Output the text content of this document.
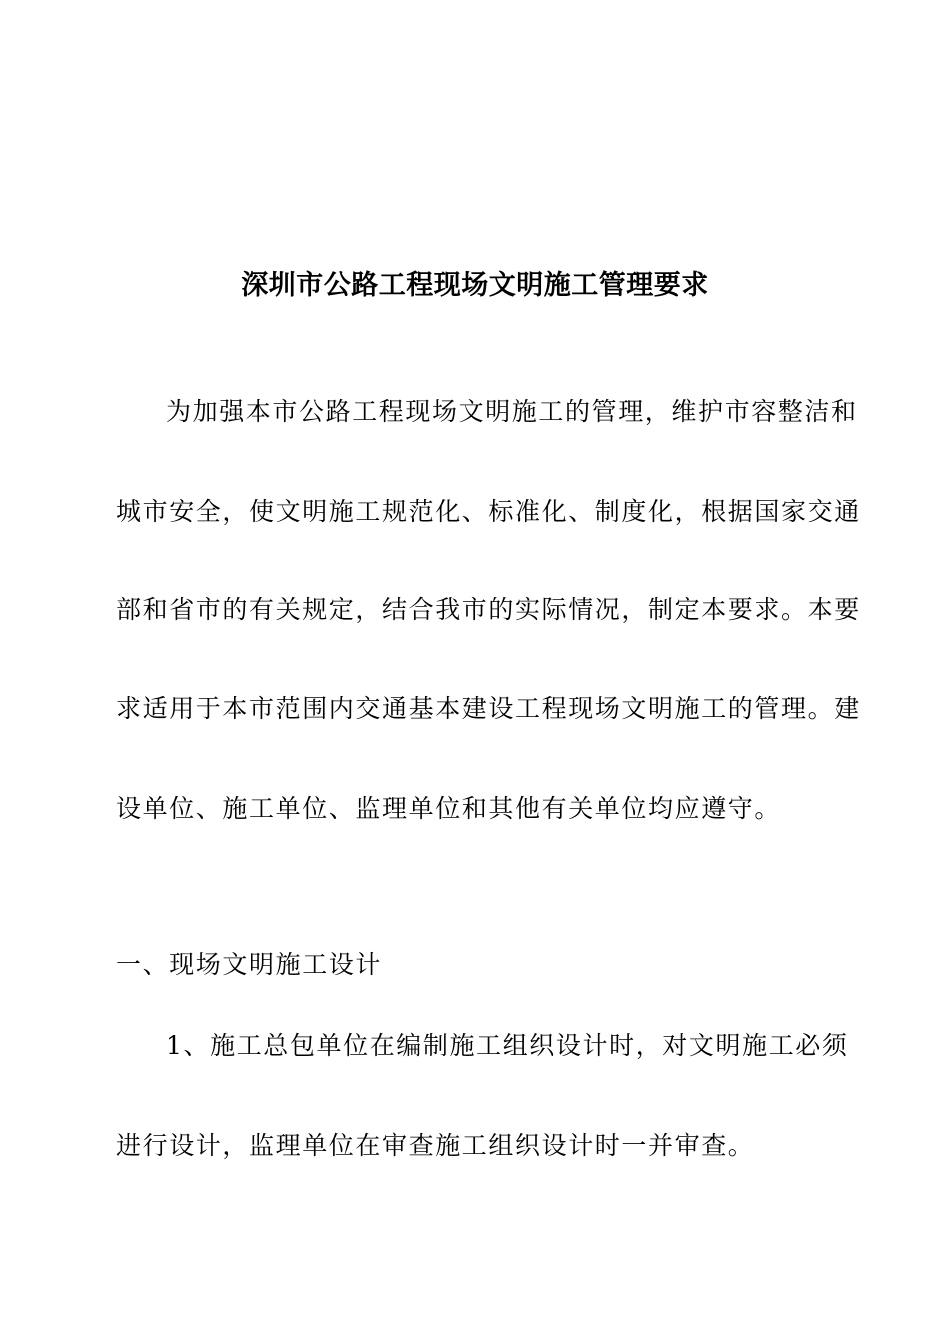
深圳市公路工程现场文明施工管理要求
为加强本市公路工程现场文明施工的管理，维护市容整洁和
城市安全，使文明施工规范化、标准化、制度化，根据国家交通
部和省市的有关规定，结合我市的实际情况，制定本要求。本要
求适用于本市范围内交通基本建设工程现场文明施工的管理。建
设单位、施工单位、监理单位和其他有关单位均应遵守。
一、现场文明施工设计
1、施工总包单位在编制施工组织设计时，对文明施工必须
进行设计，监理单位在审查施工组织设计时一并审查。
